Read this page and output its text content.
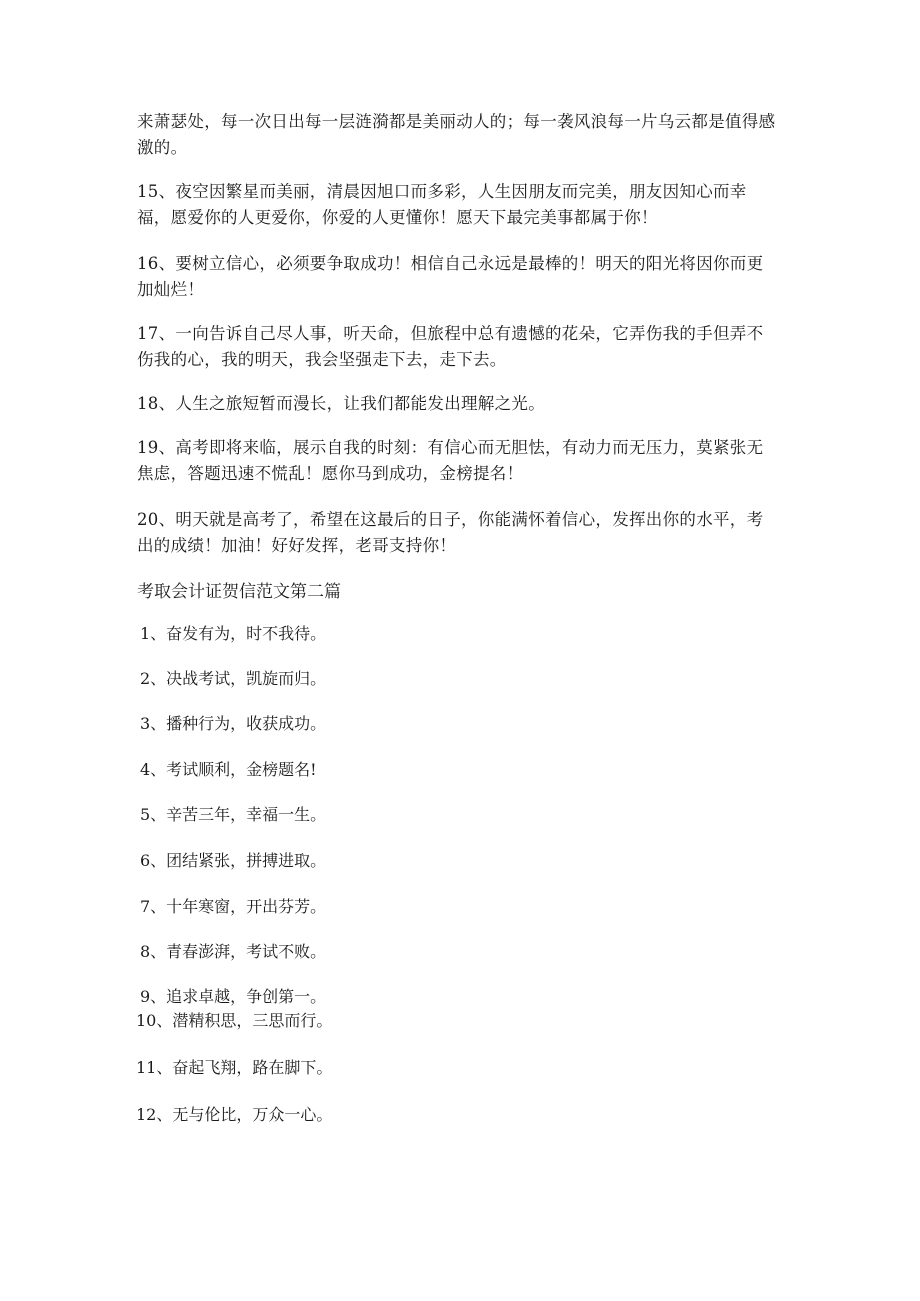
来萧瑟处，每一次日出每一层涟漪都是美丽动人的；每一袭风浪每一片乌云都是值得感激的。

15、夜空因繁星而美丽，清晨因旭口而多彩，人生因朋友而完美，朋友因知心而幸福，愿爱你的人更爱你，你爱的人更懂你！愿天下最完美事都属于你！

16、要树立信心，必须要争取成功！相信自己永远是最棒的！明天的阳光将因你而更加灿烂！

17、一向告诉自己尽人事，听天命，但旅程中总有遗憾的花朵，它弄伤我的手但弄不伤我的心，我的明天，我会坚强走下去，走下去。

18、人生之旅短暂而漫长，让我们都能发出理解之光。

19、高考即将来临，展示自我的时刻：有信心而无胆怯，有动力而无压力，莫紧张无焦虑，答题迅速不慌乱！愿你马到成功，金榜提名！

20、明天就是高考了，希望在这最后的日子，你能满怀着信心，发挥出你的水平，考出的成绩！加油！好好发挥，老哥支持你！

考取会计证贺信范文第二篇

1、奋发有为，时不我待。

2、决战考试，凯旋而归。

3、播种行为，收获成功。

4、考试顺利，金榜题名!

5、辛苦三年，幸福一生。

6、团结紧张，拼搏进取。

7、十年寒窗，开出芬芳。

8、青春澎湃，考试不败。

9、追求卓越，争创第一。

10、潜精积思，三思而行。

11、奋起飞翔，路在脚下。

12、无与伦比，万众一心。
